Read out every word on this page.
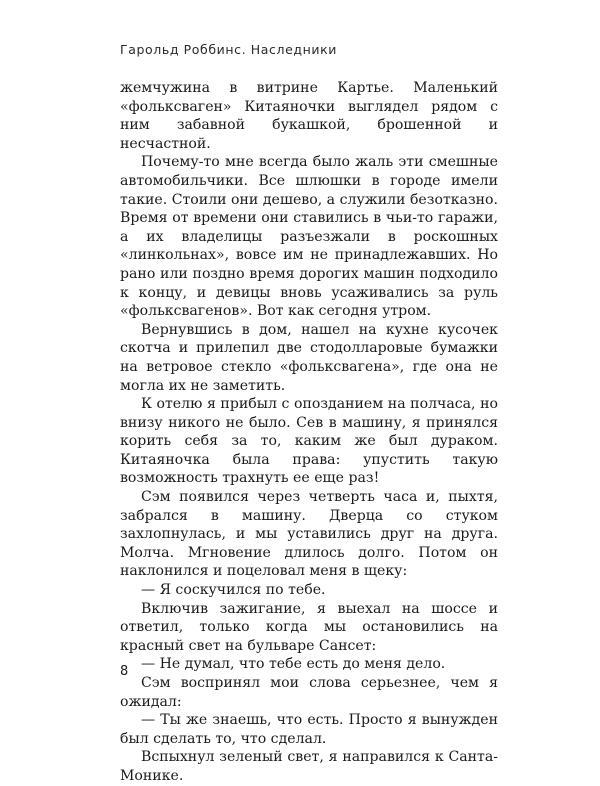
Гарольд Роббинс. Наследники

жемчужина в витрине Картье. Маленький «фольксваген» Китаяночки выглядел рядом с ним забавной букашкой, брошенной и несчастной.

Почему-то мне всегда было жаль эти смешные автомобильчики. Все шлюшки в городе имели такие. Стоили они дешево, а служили безотказно. Время от времени они ставились в чьи-то гаражи, а их владелицы разъезжали в роскошных «линкольнах», вовсе им не принадлежавших. Но рано или поздно время дорогих машин подходило к концу, и девицы вновь усаживались за руль «фольксвагенов». Вот как сегодня утром.

Вернувшись в дом, нашел на кухне кусочек скотча и прилепил две стодолларовые бумажки на ветровое стекло «фольксвагена», где она не могла их не заметить.

К отелю я прибыл с опозданием на полчаса, но внизу никого не было. Сев в машину, я принялся корить себя за то, каким же был дураком. Китаяночка была права: упустить такую возможность трахнуть ее еще раз!

Сэм появился через четверть часа и, пыхтя, забрался в машину. Дверца со стуком захлопнулась, и мы уставились друг на друга. Молча. Мгновение длилось долго. Потом он наклонился и поцеловал меня в щеку:

— Я соскучился по тебе.

Включив зажигание, я выехал на шоссе и ответил, только когда мы остановились на красный свет на бульваре Сансет:

— Не думал, что тебе есть до меня дело.

Сэм воспринял мои слова серьезнее, чем я ожидал:

— Ты же знаешь, что есть. Просто я вынужден был сделать то, что сделал.

Вспыхнул зеленый свет, я направился к Санта-Монике.

8
